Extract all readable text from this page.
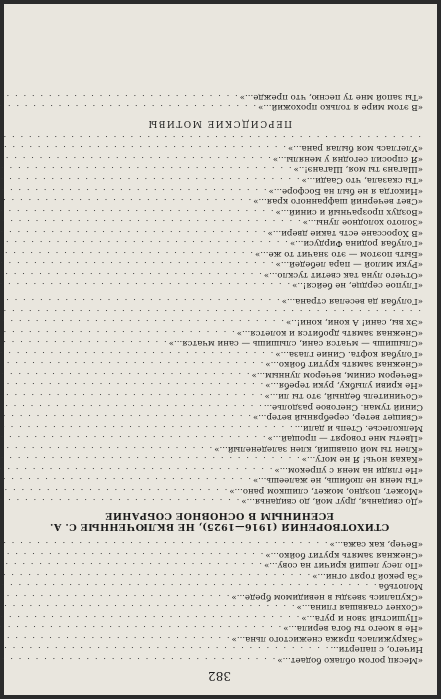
382
«Месяц рогом облако бодает...»
. . .
Ничего, с паперти...
. . .
«Закружилась пряжа снежистого льна...»
. . .
«Не в моего ты бога верила...»
. . .
«Пушистый звон и руга...»
. . .
«Сохнет стаявшая глина...»
. . .
«Скупались звезды в невидимом бреде...»
. . .
Молотьба
. . .
«За рекой горят огни...»
. . .
«По лесу леший кричит на сову...»
. . .
«Снежная замять крутит бойко...»
. . .
«Вечер, как сажа...»
. . .
СТИХОТВОРЕНИЯ (1916—1925), НЕ ВКЛЮЧЕННЫЕ С. А. ЕСЕНИНЫМ В ОСНОВНОЕ СОБРАНИЕ
«До свиданья, друг мой, до свиданья...»
. . .
«Может, поздно, может, слишком рано...»
. . .
«Ты меня не любишь, не жалеешь...»
. . .
«Не гляди на меня с упреком...»
. . .
«Какая ночь! Я не могу...»
. . .
«Клен ты мой опавший, клен заледенелый...»
. . .
«Цветы мне говорят — прощай...»
. . .
Мелколесье. Степь и дали...
. . .
«Свищет ветер, серебряный ветер...»
. . .
Синий туман. Снеговое раздолье...
. . .
«Сочинитель бедный, это ты ли...»
. . .
«Не криви улыбку, руки теребя...»
. . .
«Вечером синим, вечером лунным...»
. . .
«Снежная замять крутит бойко...»
. . .
«Голубая кофта. Синие глаза...»
. . .
«Слышишь — мчатся сани, слышишь — сани мчатся...»
. . .
«Снежная замять дробится и колется...»
. . .
«Эх вы, сани! А кони, кони!..»
. . .
. . .
«Голубая да веселая страна...»
. . .
«Глупое сердце, не бейся!..»
. . .
«Отчего луна так светит тускло...»
. . .
«Руки милой — пара лебедей...»
. . .
«Быть поэтом — это значит то же...»
. . .
«Голубая родина Фирдуси...»
. . .
«В Хороссане есть такие двери...»
. . .
«Золото холодное луны...»
. . .
«Воздух прозрачный и синий...»
. . .
«Свет вечерний шафранного края...»
. . .
«Никогда я не был на Босфоре...»
. . .
«Ты сказала, что Саади...»
. . .
«Шаганэ ты моя, Шаганэ!..»
. . .
«Я спросил сегодня у менялы...»
. . .
«Улеглась моя былая рана...»
. . .
. . .
ПЕРСИДСКИЕ МОТИВЫ
«В этом мире я только прохожий...»
. . .
«Ты запой мне ту песню, что прежде...»
. . .
